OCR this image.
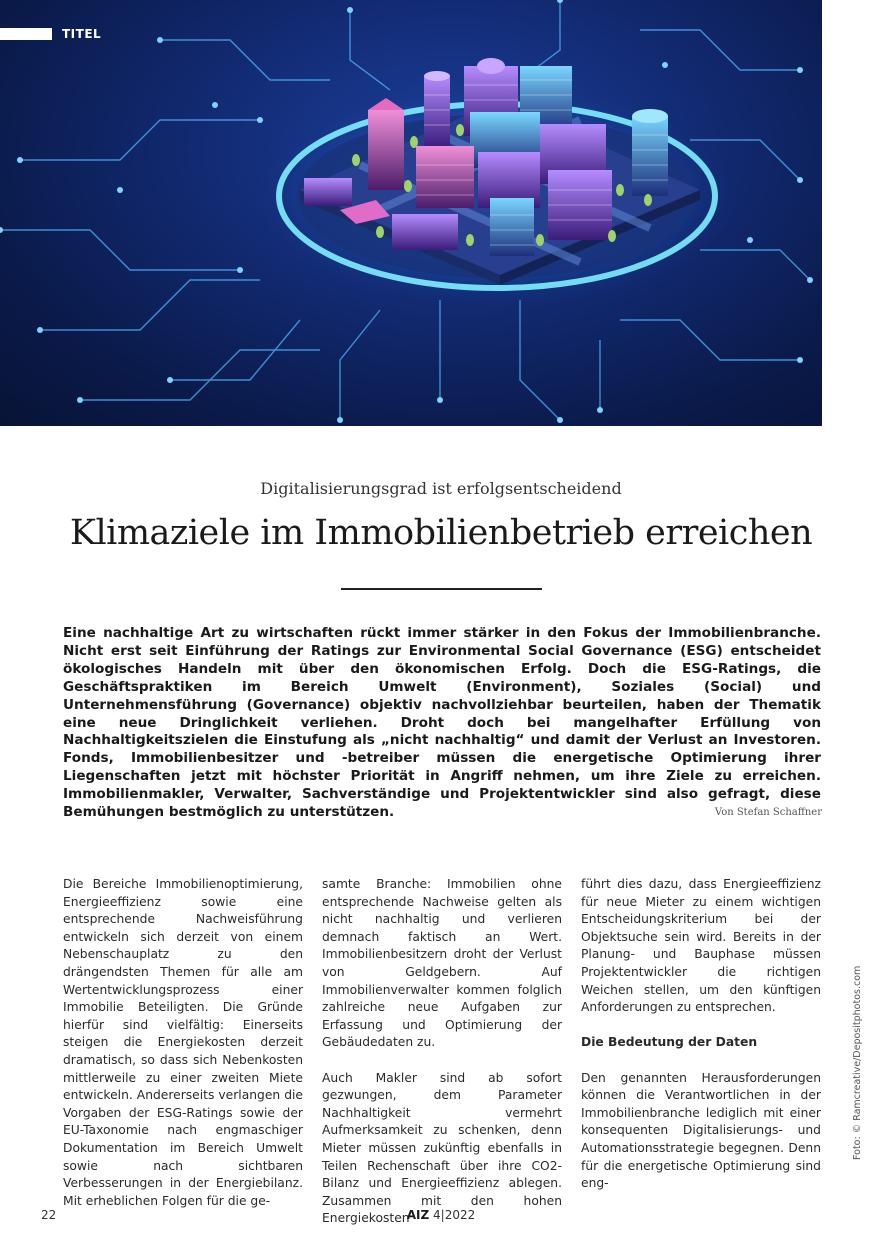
TITEL
Digitalisierungsgrad ist erfolgsentscheidend
Klimaziele im Immobilienbetrieb erreichen

Eine nachhaltige Art zu wirtschaften rückt immer stärker in den Fokus der Immobilienbranche. Nicht erst seit Einführung der Ratings zur Environmental Social Governance (ESG) entscheidet ökologisches Handeln mit über den ökonomischen Erfolg. Doch die ESG-Ratings, die Geschäftspraktiken im Bereich Umwelt (Environment), Soziales (Social) und Unternehmensführung (Governance) objektiv nachvollziehbar beurteilen, haben der Thematik eine neue Dringlichkeit verliehen. Droht doch bei mangelhafter Erfüllung von Nachhaltigkeitszielen die Einstufung als „nicht nachhaltig“ und damit der Verlust an Investoren. Fonds, Immobilienbesitzer und -betreiber müssen die energetische Optimierung ihrer Liegenschaften jetzt mit höchster Priorität in Angriff nehmen, um ihre Ziele zu erreichen. Immobilienmakler, Verwalter, Sachverständige und Projektentwickler sind also gefragt, diese Bemühungen bestmöglich zu unterstützen.	Von Stefan Schaffner

Die Bereiche Immobilienoptimierung, Energieeffizienz sowie eine entsprechende Nachweisführung entwickeln sich derzeit von einem Nebenschauplatz zu den drängendsten Themen für alle am Wertentwicklungsprozess einer Immobilie Beteiligten. Die Gründe hierfür sind vielfältig: Einerseits steigen die Energiekosten derzeit dramatisch, so dass sich Nebenkosten mittlerweile zu einer zweiten Miete entwickeln. Andererseits verlangen die Vorgaben der ESG-Ratings sowie der EU-Taxonomie nach engmaschiger Dokumentation im Bereich Umwelt sowie nach sichtbaren Verbesserungen in der Energiebilanz. Mit erheblichen Folgen für die ge-

samte Branche: Immobilien ohne entsprechende Nachweise gelten als nicht nachhaltig und verlieren demnach faktisch an Wert. Immobilienbesitzern droht der Verlust von Geldgebern. Auf Immobilienverwalter kommen folglich zahlreiche neue Aufgaben zur Erfassung und Optimierung der Gebäudedaten zu.

Auch Makler sind ab sofort gezwungen, dem Parameter Nachhaltigkeit vermehrt Aufmerksamkeit zu schenken, denn Mieter müssen zukünftig ebenfalls in Teilen Rechenschaft über ihre CO2-Bilanz und Energieeffizienz ablegen. Zusammen mit den hohen Energiekosten

führt dies dazu, dass Energieeffizienz für neue Mieter zu einem wichtigen Entscheidungskriterium bei der Objektsuche sein wird. Bereits in der Planung- und Bauphase müssen Projektentwickler die richtigen Weichen stellen, um den künftigen Anforderungen zu entsprechen.

Die Bedeutung der Daten

Den genannten Herausforderungen können die Verantwortlichen in der Immobilienbranche lediglich mit einer konsequenten Digitalisierungs- und Automationsstrategie begegnen. Denn für die energetische Optimierung sind eng-

Foto: © Ramcreative/Depositphotos.com
22	AIZ 4|2022
